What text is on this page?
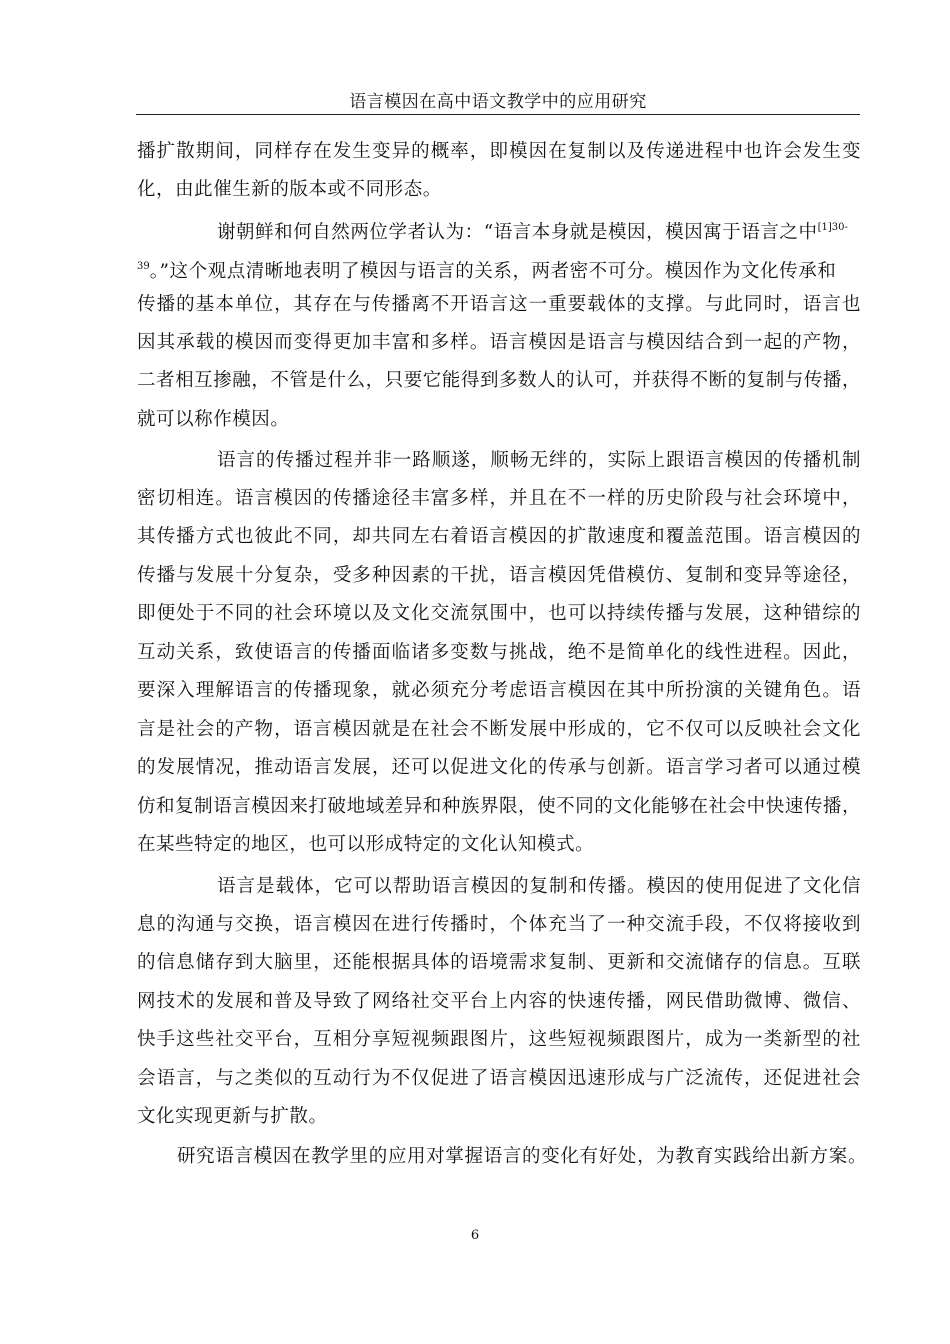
语言模因在高中语文教学中的应用研究
播扩散期间，同样存在发生变异的概率，即模因在复制以及传递进程中也许会发生变
化，由此催生新的版本或不同形态。
谢朝鲜和何自然两位学者认为：“语言本身就是模因，模因寓于语言之中$^{[1]30-}$
$^{39}$。”这个观点清晰地表明了模因与语言的关系，两者密不可分。模因作为文化传承和
传播的基本单位，其存在与传播离不开语言这一重要载体的支撑。与此同时，语言也
因其承载的模因而变得更加丰富和多样。语言模因是语言与模因结合到一起的产物，
二者相互掺融，不管是什么，只要它能得到多数人的认可，并获得不断的复制与传播，
就可以称作模因。
语言的传播过程并非一路顺遂，顺畅无绊的，实际上跟语言模因的传播机制
密切相连。语言模因的传播途径丰富多样，并且在不一样的历史阶段与社会环境中，
其传播方式也彼此不同，却共同左右着语言模因的扩散速度和覆盖范围。语言模因的
传播与发展十分复杂，受多种因素的干扰，语言模因凭借模仿、复制和变异等途径，
即便处于不同的社会环境以及文化交流氛围中，也可以持续传播与发展，这种错综的
互动关系，致使语言的传播面临诸多变数与挑战，绝不是简单化的线性进程。因此，
要深入理解语言的传播现象，就必须充分考虑语言模因在其中所扮演的关键角色。语
言是社会的产物，语言模因就是在社会不断发展中形成的，它不仅可以反映社会文化
的发展情况，推动语言发展，还可以促进文化的传承与创新。语言学习者可以通过模
仿和复制语言模因来打破地域差异和种族界限，使不同的文化能够在社会中快速传播，
在某些特定的地区，也可以形成特定的文化认知模式。
语言是载体，它可以帮助语言模因的复制和传播。模因的使用促进了文化信
息的沟通与交换，语言模因在进行传播时，个体充当了一种交流手段，不仅将接收到
的信息储存到大脑里，还能根据具体的语境需求复制、更新和交流储存的信息。互联
网技术的发展和普及导致了网络社交平台上内容的快速传播，网民借助微博、微信、
快手这些社交平台，互相分享短视频跟图片，这些短视频跟图片，成为一类新型的社
会语言，与之类似的互动行为不仅促进了语言模因迅速形成与广泛流传，还促进社会
文化实现更新与扩散。
研究语言模因在教学里的应用对掌握语言的变化有好处，为教育实践给出新方案。
6
